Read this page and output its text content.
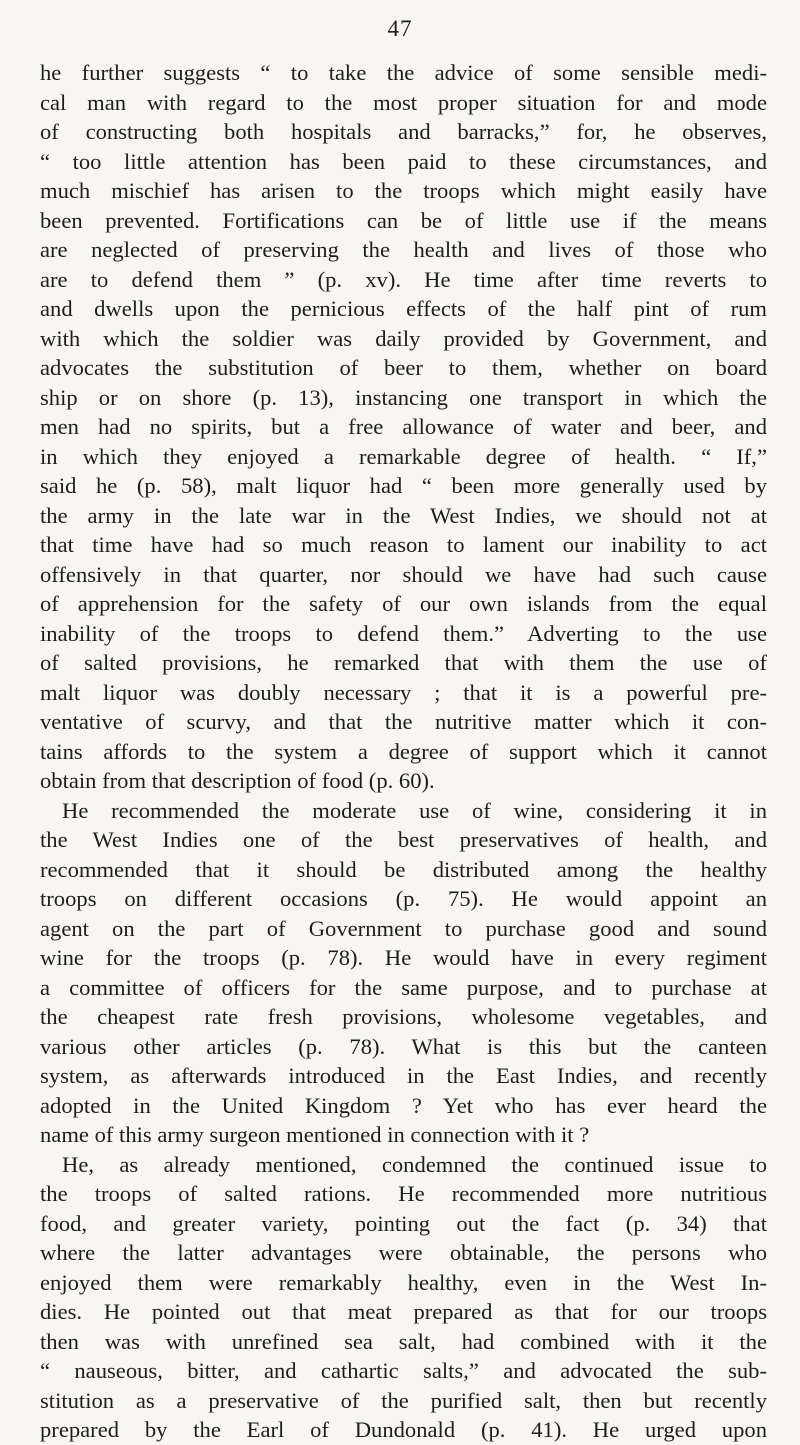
47
he further suggests “ to take the advice of some sensible medi-
cal man with regard to the most proper situation for and mode
of constructing both hospitals and barracks,” for, he observes,
“ too little attention has been paid to these circumstances, and
much mischief has arisen to the troops which might easily have
been prevented. Fortifications can be of little use if the means
are neglected of preserving the health and lives of those who
are to defend them ” (p. xv). He time after time reverts to
and dwells upon the pernicious effects of the half pint of rum
with which the soldier was daily provided by Government, and
advocates the substitution of beer to them, whether on board
ship or on shore (p. 13), instancing one transport in which the
men had no spirits, but a free allowance of water and beer, and
in which they enjoyed a remarkable degree of health. “ If,”
said he (p. 58), malt liquor had “ been more generally used by
the army in the late war in the West Indies, we should not at
that time have had so much reason to lament our inability to act
offensively in that quarter, nor should we have had such cause
of apprehension for the safety of our own islands from the equal
inability of the troops to defend them.” Adverting to the use
of salted provisions, he remarked that with them the use of
malt liquor was doubly necessary ; that it is a powerful pre-
ventative of scurvy, and that the nutritive matter which it con-
tains affords to the system a degree of support which it cannot
obtain from that description of food (p. 60).
He recommended the moderate use of wine, considering it in
the West Indies one of the best preservatives of health, and
recommended that it should be distributed among the healthy
troops on different occasions (p. 75). He would appoint an
agent on the part of Government to purchase good and sound
wine for the troops (p. 78). He would have in every regiment
a committee of officers for the same purpose, and to purchase at
the cheapest rate fresh provisions, wholesome vegetables, and
various other articles (p. 78). What is this but the canteen
system, as afterwards introduced in the East Indies, and recently
adopted in the United Kingdom ? Yet who has ever heard the
name of this army surgeon mentioned in connection with it ?
He, as already mentioned, condemned the continued issue to
the troops of salted rations. He recommended more nutritious
food, and greater variety, pointing out the fact (p. 34) that
where the latter advantages were obtainable, the persons who
enjoyed them were remarkably healthy, even in the West In-
dies. He pointed out that meat prepared as that for our troops
then was with unrefined sea salt, had combined with it the
“ nauseous, bitter, and cathartic salts,” and advocated the sub-
stitution as a preservative of the purified salt, then but recently
prepared by the Earl of Dundonald (p. 41). He urged upon
